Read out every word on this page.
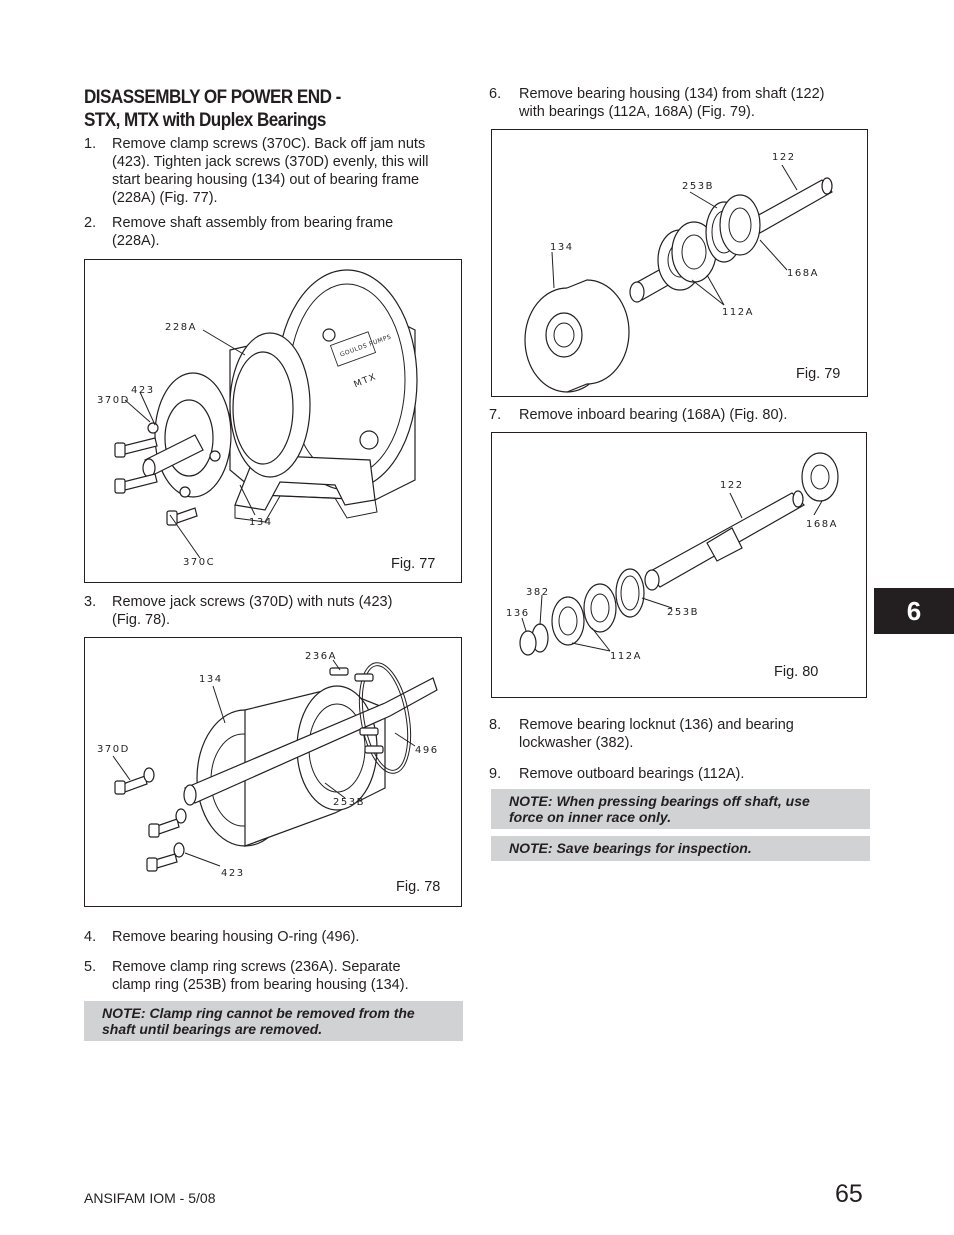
DISASSEMBLY OF POWER END -
STX, MTX with Duplex Bearings
1. Remove clamp screws (370C). Back off jam nuts
(423). Tighten jack screws (370D) evenly, this will
start bearing housing (134) out of bearing frame
(228A) (Fig. 77).
2. Remove shaft assembly from bearing frame
(228A).
GOULDS PUMPS
MTX
228A
423
370D
134
370C	Fig. 77
3. Remove jack screws (370D) with nuts (423)
(Fig. 78).
236A
134
370D	496
253B
423
Fig. 78
4. Remove bearing housing O-ring (496).
5. Remove clamp ring screws (236A). Separate
clamp ring (253B) from bearing housing (134).
NOTE: Clamp ring cannot be removed from the
shaft until bearings are removed.
6. Remove bearing housing (134) from shaft (122)
with bearings (112A, 168A) (Fig. 79).
122
253B
134
168A
112A
Fig. 79
7. Remove inboard bearing (168A) (Fig. 80).
122
168A
382
136	253B
112A
Fig. 80
8. Remove bearing locknut (136) and bearing
lockwasher (382).
9. Remove outboard bearings (112A).
NOTE: When pressing bearings off shaft, use
force on inner race only.
NOTE: Save bearings for inspection.
6
ANSIFAM IOM - 5/08	65
